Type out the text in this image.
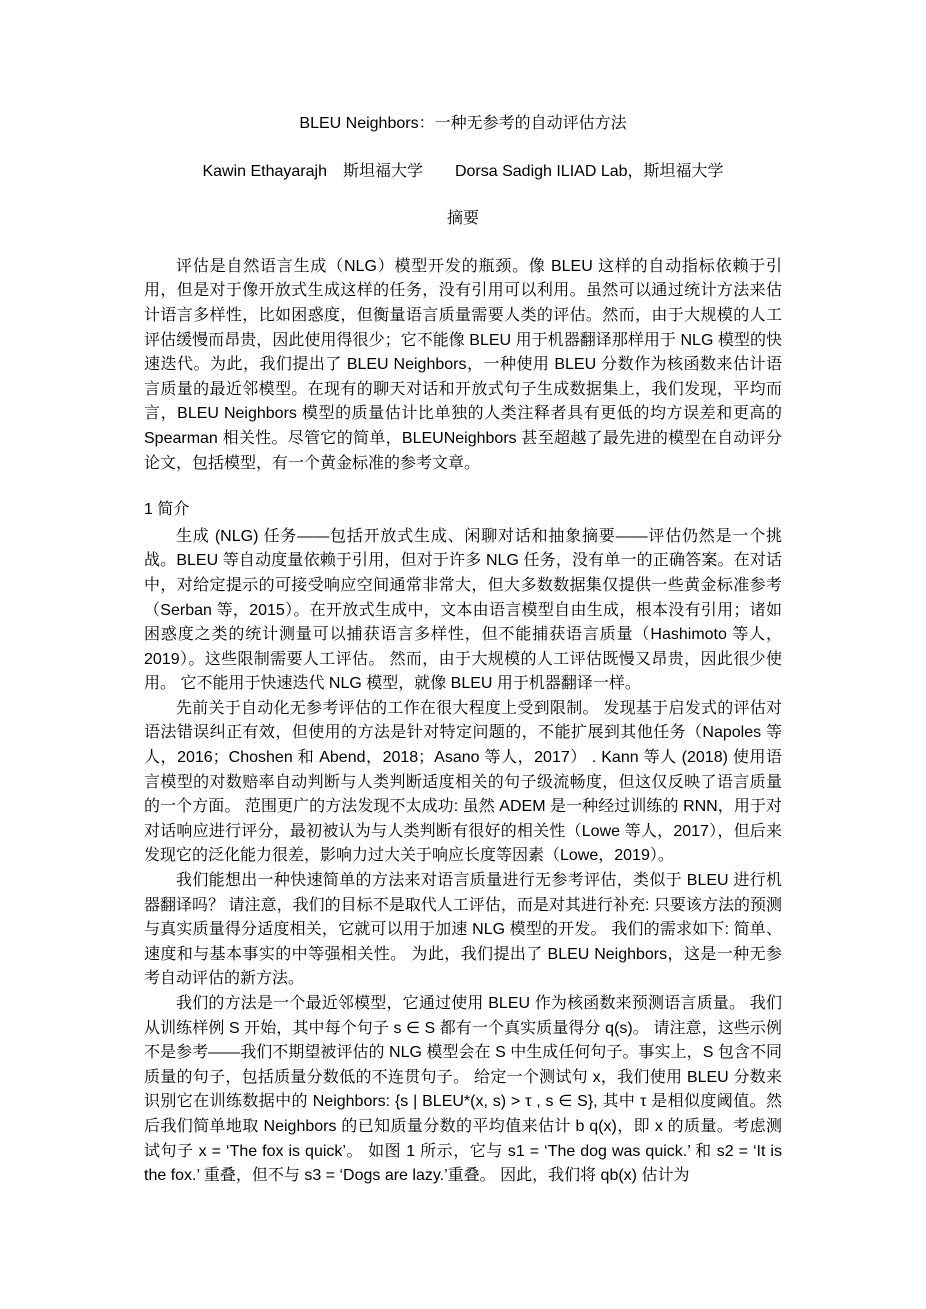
BLEU Neighbors：一种无参考的自动评估方法

Kawin Ethayarajh　斯坦福大学　　Dorsa Sadigh ILIAD Lab，斯坦福大学

摘要

评估是自然语言生成（NLG）模型开发的瓶颈。像 BLEU 这样的自动指标依赖于引用，但是对于像开放式生成这样的任务，没有引用可以利用。虽然可以通过统计方法来估计语言多样性，比如困惑度，但衡量语言质量需要人类的评估。然而，由于大规模的人工评估缓慢而昂贵，因此使用得很少；它不能像 BLEU 用于机器翻译那样用于 NLG 模型的快速迭代。为此，我们提出了 BLEU Neighbors，一种使用 BLEU 分数作为核函数来估计语言质量的最近邻模型。在现有的聊天对话和开放式句子生成数据集上，我们发现，平均而言，BLEU Neighbors 模型的质量估计比单独的人类注释者具有更低的均方误差和更高的 Spearman 相关性。尽管它的简单，BLEUNeighbors 甚至超越了最先进的模型在自动评分论文，包括模型，有一个黄金标准的参考文章。

1 简介

生成 (NLG) 任务——包括开放式生成、闲聊对话和抽象摘要——评估仍然是一个挑战。BLEU 等自动度量依赖于引用，但对于许多 NLG 任务，没有单一的正确答案。在对话中，对给定提示的可接受响应空间通常非常大，但大多数数据集仅提供一些黄金标准参考（Serban 等，2015）。在开放式生成中，文本由语言模型自由生成，根本没有引用；诸如困惑度之类的统计测量可以捕获语言多样性，但不能捕获语言质量（Hashimoto 等人，2019）。这些限制需要人工评估。 然而，由于大规模的人工评估既慢又昂贵，因此很少使用。 它不能用于快速迭代 NLG 模型，就像 BLEU 用于机器翻译一样。

先前关于自动化无参考评估的工作在很大程度上受到限制。 发现基于启发式的评估对语法错误纠正有效，但使用的方法是针对特定问题的，不能扩展到其他任务（Napoles 等人，2016；Choshen 和 Abend，2018；Asano 等人，2017） . Kann 等人 (2018) 使用语言模型的对数赔率自动判断与人类判断适度相关的句子级流畅度，但这仅反映了语言质量的一个方面。 范围更广的方法发现不太成功: 虽然 ADEM 是一种经过训练的 RNN，用于对对话响应进行评分，最初被认为与人类判断有很好的相关性（Lowe 等人，2017），但后来发现它的泛化能力很差，影响力过大关于响应长度等因素（Lowe，2019）。

我们能想出一种快速简单的方法来对语言质量进行无参考评估，类似于 BLEU 进行机器翻译吗？ 请注意，我们的目标不是取代人工评估，而是对其进行补充: 只要该方法的预测与真实质量得分适度相关，它就可以用于加速 NLG 模型的开发。 我们的需求如下: 简单、速度和与基本事实的中等强相关性。 为此，我们提出了 BLEU Neighbors，这是一种无参考自动评估的新方法。

我们的方法是一个最近邻模型，它通过使用 BLEU 作为核函数来预测语言质量。 我们从训练样例 S 开始，其中每个句子 s ∈ S 都有一个真实质量得分 q(s)。 请注意，这些示例不是参考——我们不期望被评估的 NLG 模型会在 S 中生成任何句子。事实上，S 包含不同质量的句子，包括质量分数低的不连贯句子。 给定一个测试句 x，我们使用 BLEU 分数来识别它在训练数据中的 Neighbors: {s | BLEU*(x, s) > τ , s ∈ S}, 其中 τ 是相似度阈值。然后我们简单地取 Neighbors 的已知质量分数的平均值来估计 b q(x)，即 x 的质量。考虑测试句子 x = ‘The fox is quick’。 如图 1 所示，它与 s1 = ‘The dog was quick.’ 和 s2 = ‘It is the fox.’ 重叠，但不与 s3 = ‘Dogs are lazy.’重叠。 因此，我们将 qb(x) 估计为
